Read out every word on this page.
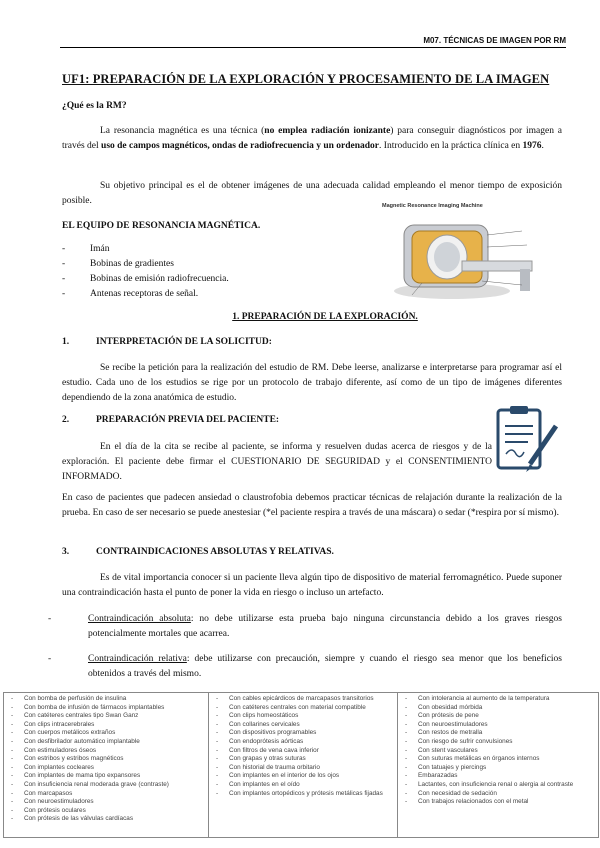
M07. TÉCNICAS DE IMAGEN POR RM
UF1: PREPARACIÓN DE LA EXPLORACIÓN Y PROCESAMIENTO DE LA IMAGEN
¿Qué es la RM?
La resonancia magnética es una técnica (no emplea radiación ionizante) para conseguir diagnósticos por imagen a través del uso de campos magnéticos, ondas de radiofrecuencia y un ordenador. Introducido en la práctica clínica en 1976.
Su objetivo principal es el de obtener imágenes de una adecuada calidad empleando el menor tiempo de exposición posible.
EL EQUIPO DE RESONANCIA MAGNÉTICA.
- Imán
- Bobinas de gradientes
- Bobinas de emisión radiofrecuencia.
- Antenas receptoras de señal.
Magnetic Resonance Imaging Machine
1. PREPARACIÓN DE LA EXPLORACIÓN.
1.	INTERPRETACIÓN DE LA SOLICITUD:
Se recibe la petición para la realización del estudio de RM. Debe leerse, analizarse e interpretarse para programar así el estudio. Cada uno de los estudios se rige por un protocolo de trabajo diferente, así como de un tipo de imágenes diferentes dependiendo de la zona anatómica de estudio.
2.	PREPARACIÓN PREVIA DEL PACIENTE:
En el día de la cita se recibe al paciente, se informa y resuelven dudas acerca de riesgos y de la exploración. El paciente debe firmar el CUESTIONARIO DE SEGURIDAD y el CONSENTIMIENTO INFORMADO.
En caso de pacientes que padecen ansiedad o claustrofobia debemos practicar técnicas de relajación durante la realización de la prueba. En caso de ser necesario se puede anestesiar (*el paciente respira a través de una máscara) o sedar (*respira por sí mismo).
3.	CONTRAINDICACIONES ABSOLUTAS Y RELATIVAS.
Es de vital importancia conocer si un paciente lleva algún tipo de dispositivo de material ferromagnético. Puede suponer una contraindicación hasta el punto de poner la vida en riesgo o incluso un artefacto.
-	Contraindicación absoluta: no debe utilizarse esta prueba bajo ninguna circunstancia debido a los graves riesgos potencialmente mortales que acarrea.
-	Contraindicación relativa: debe utilizarse con precaución, siempre y cuando el riesgo sea menor que los beneficios obtenidos a través del mismo.
- Con bomba de perfusión de insulina
- Con bomba de infusión de fármacos implantables
- Con catéteres centrales tipo Swan Ganz
- Con clips intracerebrales
- Con cuerpos metálicos extraños
- Con desfibrilador automático implantable
- Con estimuladores óseos
- Con estribos y estribos magnéticos
- Con implantes cocleares
- Con implantes de mama tipo expansores
- Con insuficiencia renal moderada grave (contraste)
- Con marcapasos
- Con neuroestimuladores
- Con prótesis oculares
- Con prótesis de las válvulas cardíacas
- Con cables epicárdicos de marcapasos transitorios
- Con catéteres centrales con material compatible
- Con clips homeostáticos
- Con collarines cervicales
- Con dispositivos programables
- Con endoprótesis aórticas
- Con filtros de vena cava inferior
- Con grapas y otras suturas
- Con historial de trauma orbitario
- Con implantes en el interior de los ojos
- Con implantes en el oído
- Con implantes ortopédicos y prótesis metálicas fijadas
- Con intolerancia al aumento de la temperatura
- Con obesidad mórbida
- Con prótesis de pene
- Con neuroestimuladores
- Con restos de metralla
- Con riesgo de sufrir convulsiones
- Con stent vasculares
- Con suturas metálicas en órganos internos
- Con tatuajes y piercings
- Embarazadas
- Lactantes, con insuficiencia renal o alergia al contraste
- Con necesidad de sedación
- Con trabajos relacionados con el metal
